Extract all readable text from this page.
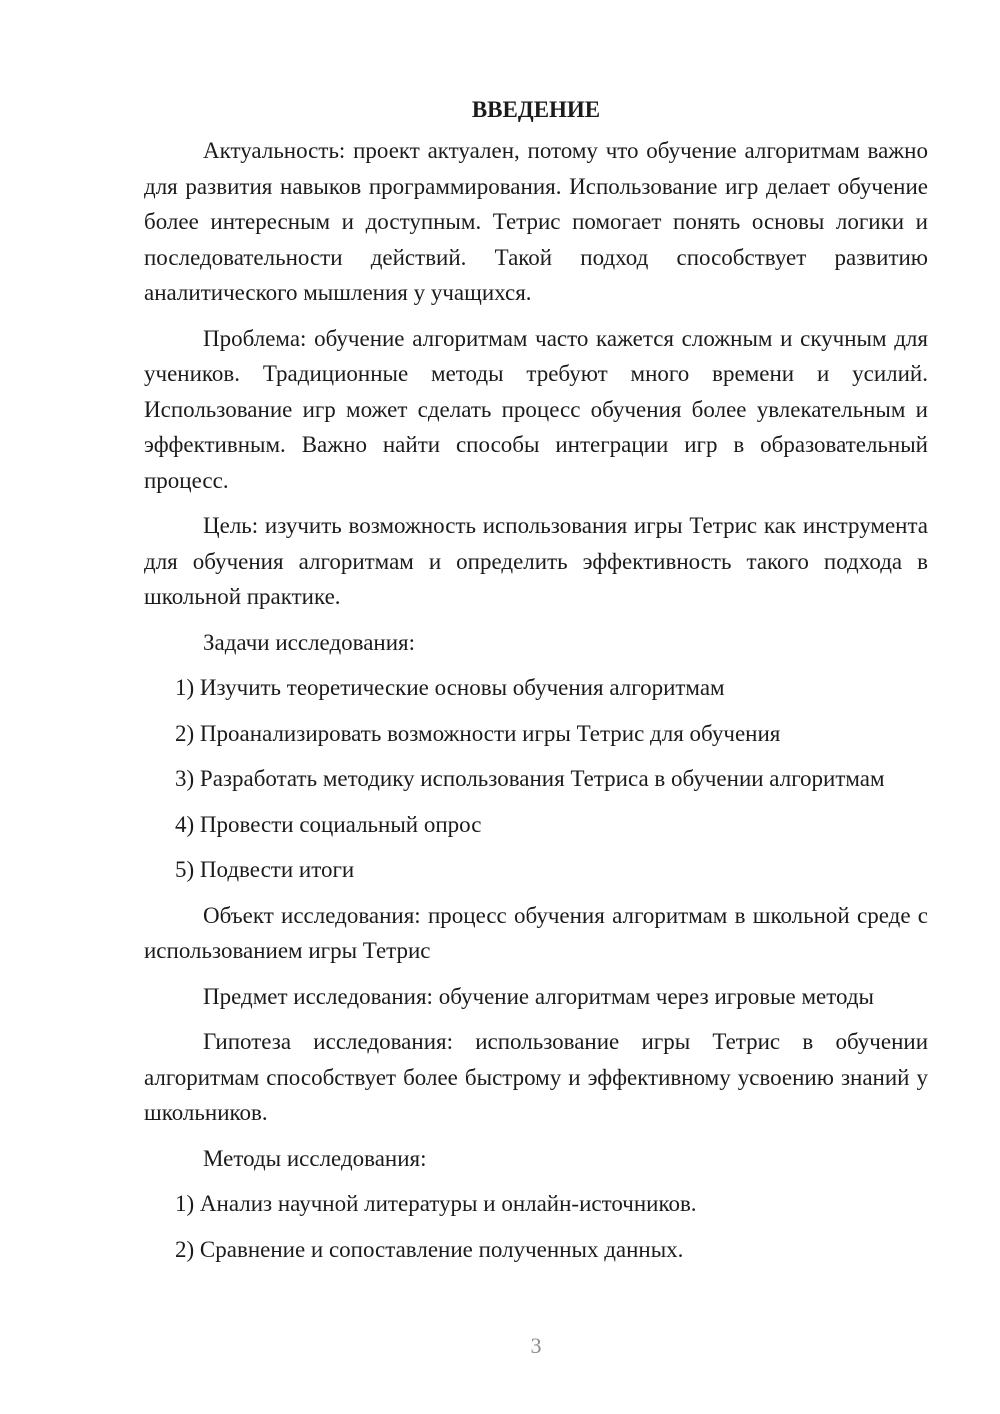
ВВЕДЕНИЕ

Актуальность: проект актуален, потому что обучение алгоритмам важно для развития навыков программирования. Использование игр делает обучение более интересным и доступным. Тетрис помогает понять основы логики и последовательности действий. Такой подход способствует развитию аналитического мышления у учащихся.

Проблема: обучение алгоритмам часто кажется сложным и скучным для учеников. Традиционные методы требуют много времени и усилий. Использование игр может сделать процесс обучения более увлекательным и эффективным. Важно найти способы интеграции игр в образовательный процесс.

Цель: изучить возможность использования игры Тетрис как инструмента для обучения алгоритмам и определить эффективность такого подхода в школьной практике.

Задачи исследования:

1) Изучить теоретические основы обучения алгоритмам

2) Проанализировать возможности игры Тетрис для обучения

3) Разработать методику использования Тетриса в обучении алгоритмам

4) Провести социальный опрос

5) Подвести итоги

Объект исследования: процесс обучения алгоритмам в школьной среде с использованием игры Тетрис

Предмет исследования: обучение алгоритмам через игровые методы

Гипотеза исследования: использование игры Тетрис в обучении алгоритмам способствует более быстрому и эффективному усвоению знаний у школьников.

Методы исследования:

1) Анализ научной литературы и онлайн-источников.

2) Сравнение и сопоставление полученных данных.

3
